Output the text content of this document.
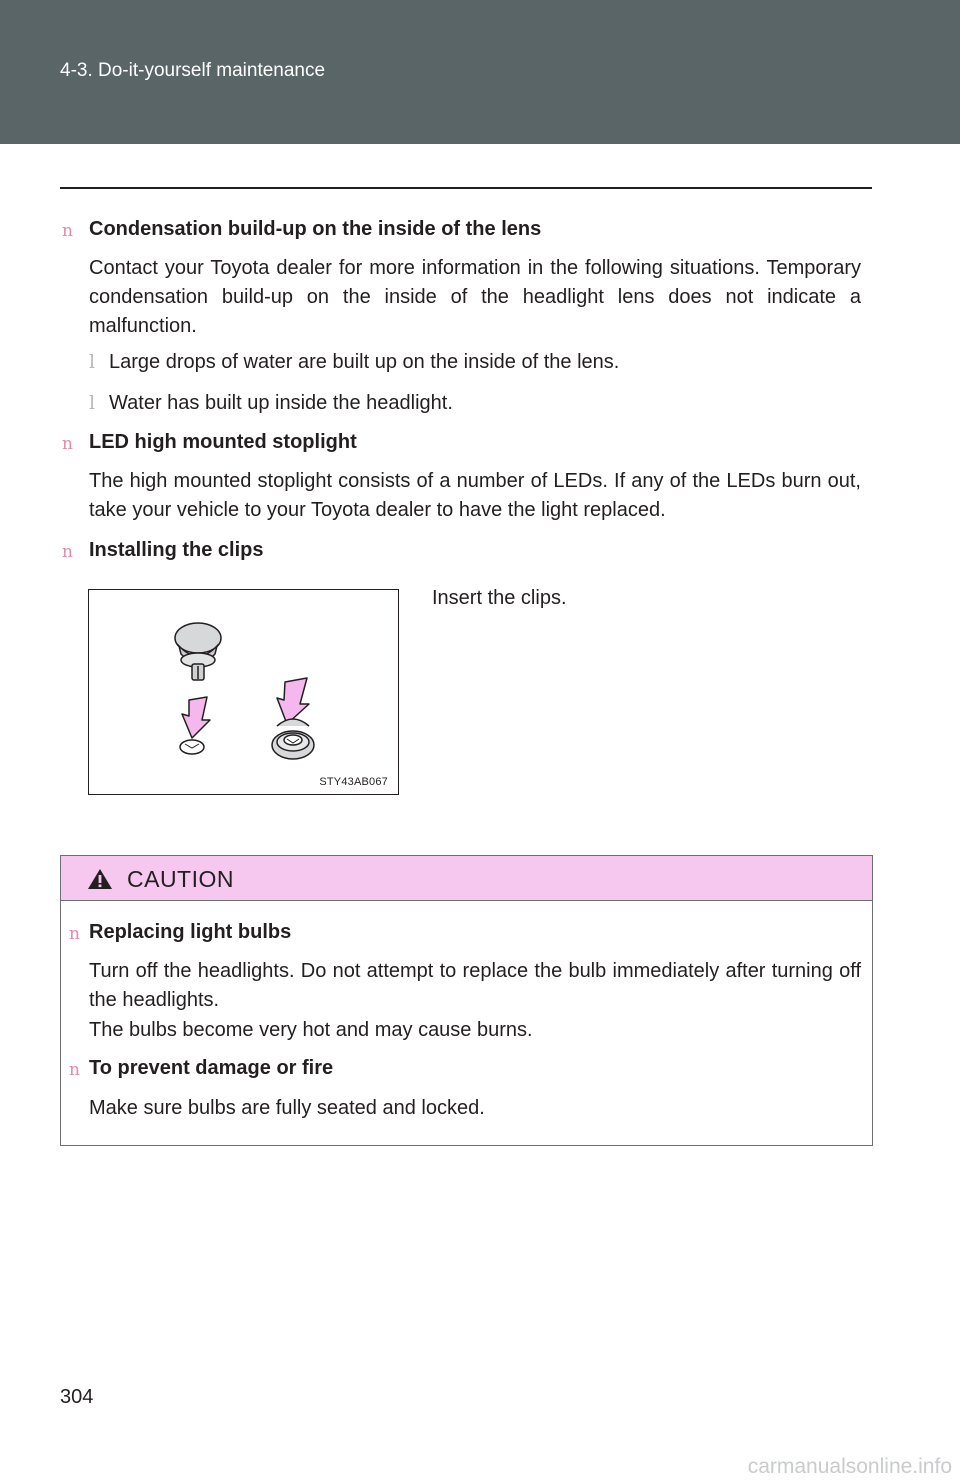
4-3. Do-it-yourself maintenance
n Condensation build-up on the inside of the lens
Contact your Toyota dealer for more information in the following situations. Temporary condensation build-up on the inside of the headlight lens does not indicate a malfunction.
l Large drops of water are built up on the inside of the lens.
l Water has built up inside the headlight.
n LED high mounted stoplight
The high mounted stoplight consists of a number of LEDs. If any of the LEDs burn out, take your vehicle to your Toyota dealer to have the light replaced.
n Installing the clips
Insert the clips.
STY43AB067
CAUTION
n Replacing light bulbs
Turn off the headlights. Do not attempt to replace the bulb immediately after turning off the headlights.
The bulbs become very hot and may cause burns.
n To prevent damage or fire
Make sure bulbs are fully seated and locked.
304
carmanualsonline.info
